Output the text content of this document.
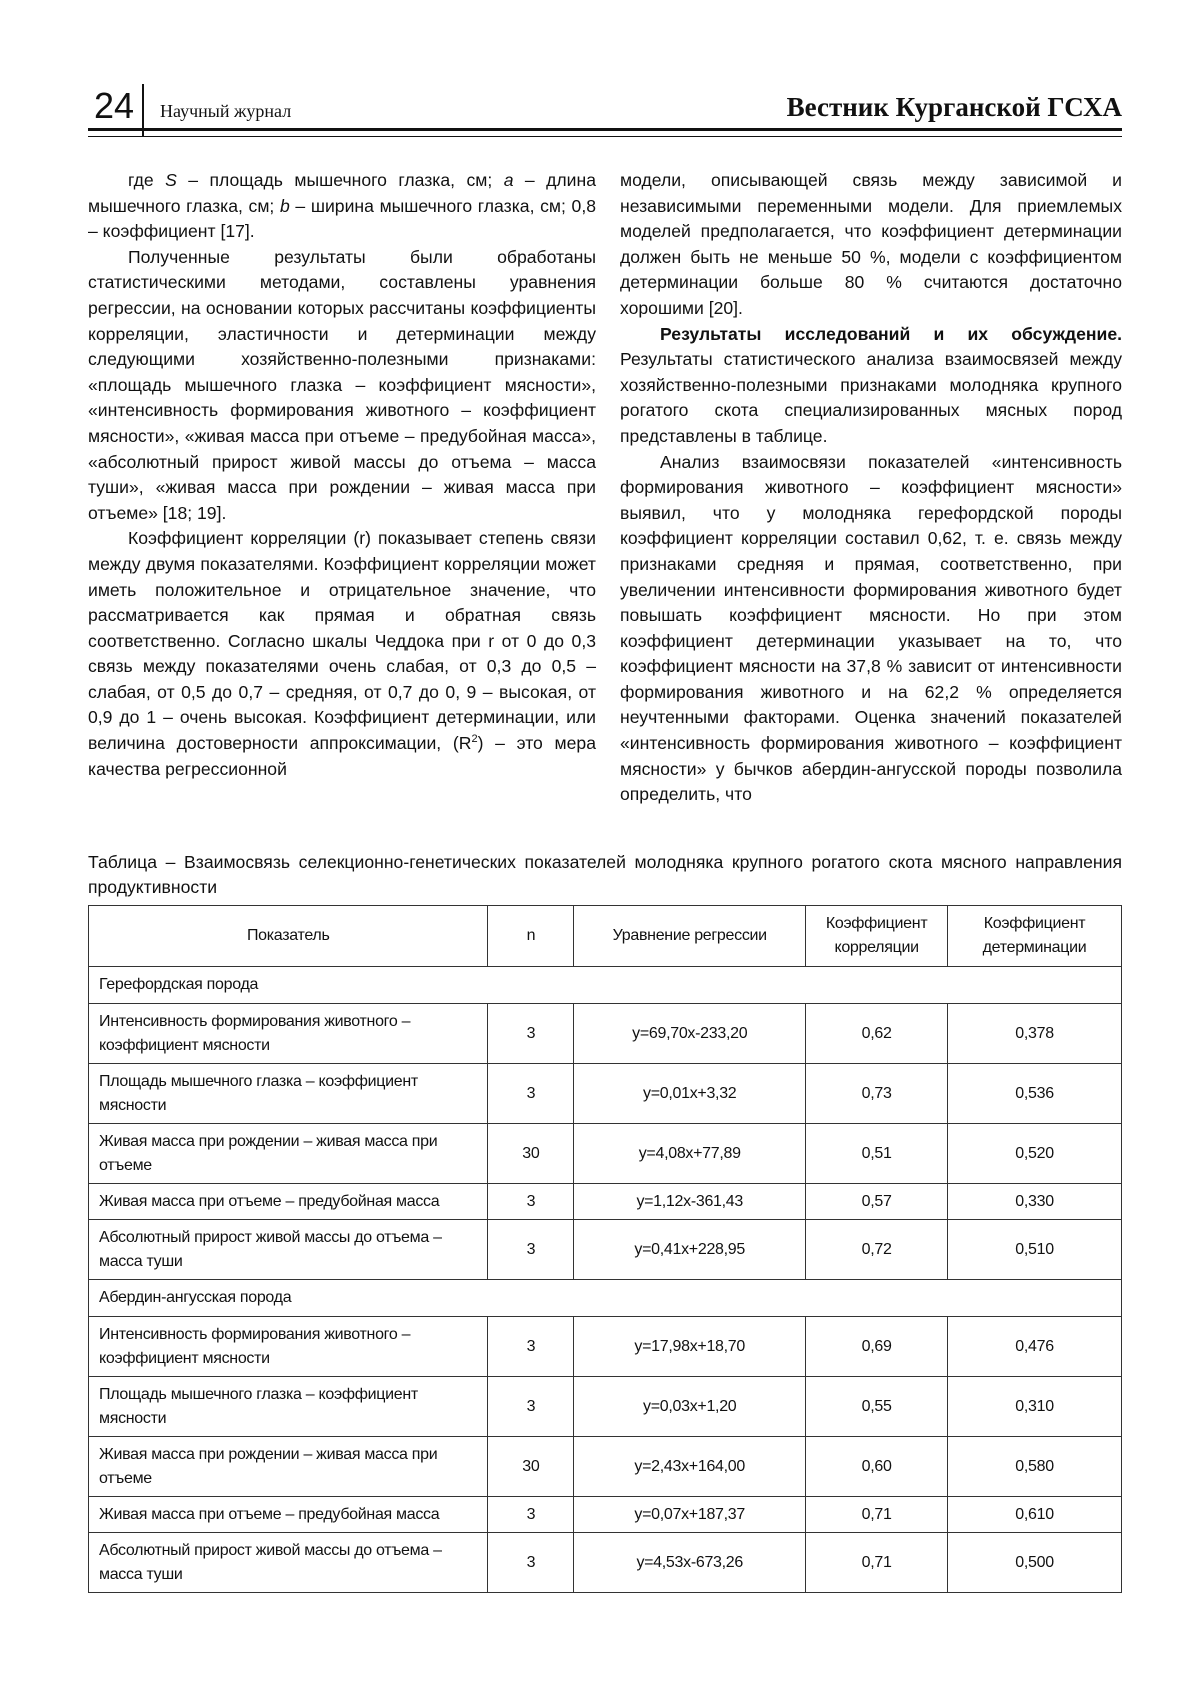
24 Научный журнал	Вестник Курганской ГСХА

где S – площадь мышечного глазка, см; а – длина мышечного глазка, см; b – ширина мышечного глазка, см; 0,8 – коэффициент [17].

Полученные результаты были обработаны статистическими методами, составлены уравнения регрессии, на основании которых рассчитаны коэффициенты корреляции, эластичности и детерминации между следующими хозяйственно-полезными признаками: «площадь мышечного глазка – коэффициент мясности», «интенсивность формирования животного – коэффициент мясности», «живая масса при отъеме – предубойная масса», «абсолютный прирост живой массы до отъема – масса туши», «живая масса при рождении – живая масса при отъеме» [18; 19].

Коэффициент корреляции (r) показывает степень связи между двумя показателями. Коэффициент корреляции может иметь положительное и отрицательное значение, что рассматривается как прямая и обратная связь соответственно. Согласно шкалы Чеддока при r от 0 до 0,3 связь между показателями очень слабая, от 0,3 до 0,5 – слабая, от 0,5 до 0,7 – средняя, от 0,7 до 0, 9 – высокая, от 0,9 до 1 – очень высокая. Коэффициент детерминации, или величина достоверности аппроксимации, $(R^2)$ – это мера качества регрессионной

модели, описывающей связь между зависимой и независимыми переменными модели. Для приемлемых моделей предполагается, что коэффициент детерминации должен быть не меньше 50 %, модели с коэффициентом детерминации больше 80 % считаются достаточно хорошими [20].

Результаты исследований и их обсуждение. Результаты статистического анализа взаимосвязей между хозяйственно-полезными признаками молодняка крупного рогатого скота специализированных мясных пород представлены в таблице.

Анализ взаимосвязи показателей «интенсивность формирования животного – коэффициент мясности» выявил, что у молодняка герефордской породы коэффициент корреляции составил 0,62, т. е. связь между признаками средняя и прямая, соответственно, при увеличении интенсивности формирования животного будет повышать коэффициент мясности. Но при этом коэффициент детерминации указывает на то, что коэффициент мясности на 37,8 % зависит от интенсивности формирования животного и на 62,2 % определяется неучтенными факторами. Оценка значений показателей «интенсивность формирования животного – коэффициент мясности» у бычков абердин-ангусской породы позволила определить, что

Таблица – Взаимосвязь селекционно-генетических показателей молодняка крупного рогатого скота мясного направления продуктивности
Показатель	n	Уравнение регрессии	Коэффициент корреляции	Коэффициент детерминации
Герефордская порода				
Интенсивность формирования животного – коэффициент мясности	3	y=69,70x-233,20	0,62	0,378
Площадь мышечного глазка – коэффициент мясности	3	y=0,01x+3,32	0,73	0,536
Живая масса при рождении – живая масса при отъеме	30	y=4,08x+77,89	0,51	0,520
Живая масса при отъеме – предубойная масса	3	y=1,12x-361,43	0,57	0,330
Абсолютный прирост живой массы до отъема – масса туши	3	y=0,41x+228,95	0,72	0,510
Абердин-ангусская порода				
Интенсивность формирования животного – коэффициент мясности	3	y=17,98x+18,70	0,69	0,476
Площадь мышечного глазка – коэффициент мясности	3	y=0,03x+1,20	0,55	0,310
Живая масса при рождении – живая масса при отъеме	30	y=2,43x+164,00	0,60	0,580
Живая масса при отъеме – предубойная масса	3	y=0,07x+187,37	0,71	0,610
Абсолютный прирост живой массы до отъема – масса туши	3	y=4,53x-673,26	0,71	0,500
